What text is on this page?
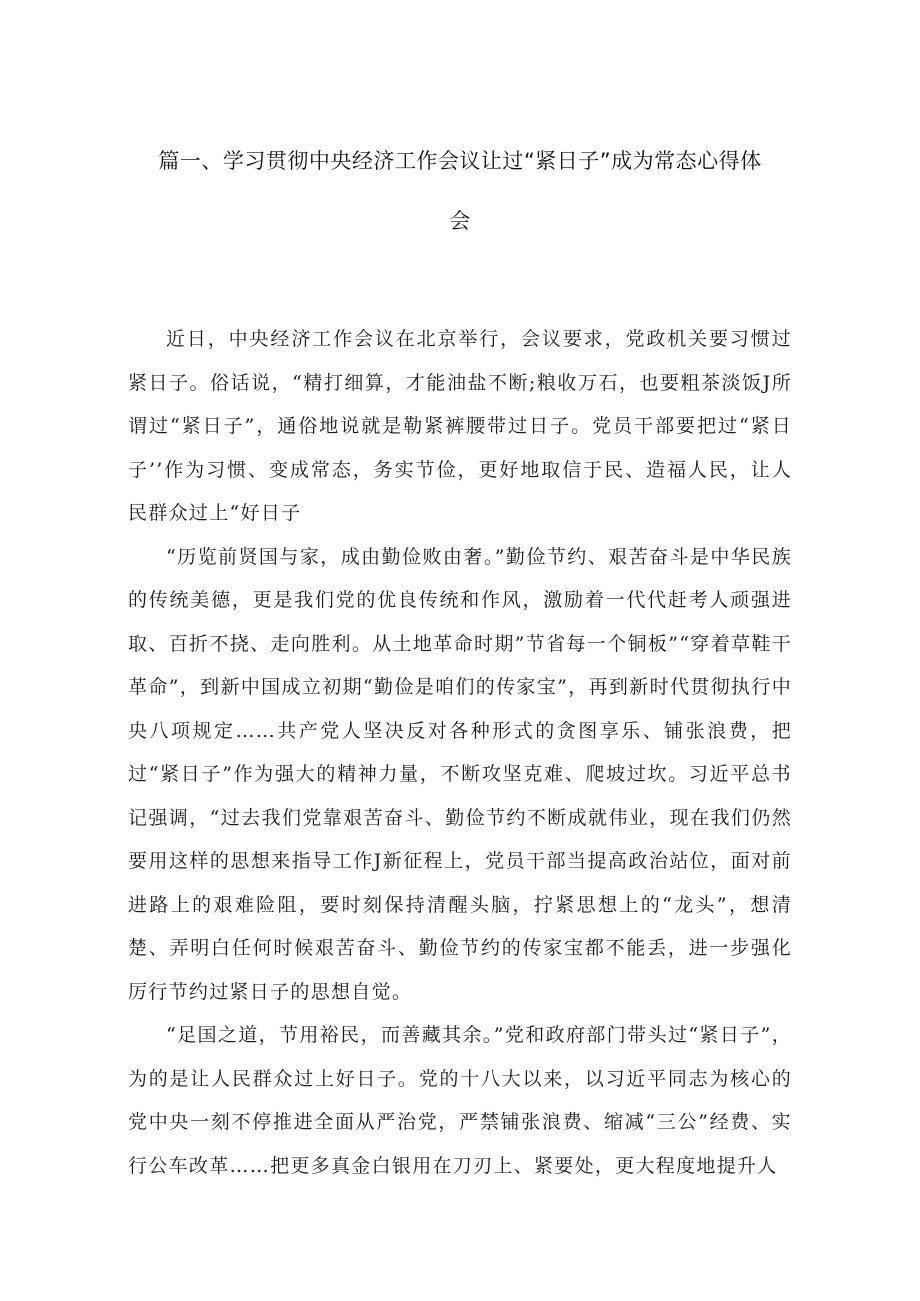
篇一、学习贯彻中央经济工作会议让过“紧日子”成为常态心得体
会

近日，中央经济工作会议在北京举行，会议要求，党政机关要习惯过紧日子。俗话说，“精打细算，才能油盐不断;粮收万石，也要粗茶淡饭J所谓过“紧日子”，通俗地说就是勒紧裤腰带过日子。党员干部要把过“紧日子’’作为习惯、变成常态，务实节俭，更好地取信于民、造福人民，让人民群众过上“好日子

“历览前贤国与家，成由勤俭败由奢。”勤俭节约、艰苦奋斗是中华民族的传统美德，更是我们党的优良传统和作风，激励着一代代赶考人顽强进取、百折不挠、走向胜利。从土地革命时期”节省每一个铜板”“穿着草鞋干革命”，到新中国成立初期“勤俭是咱们的传家宝”，再到新时代贯彻执行中央八项规定……共产党人坚决反对各种形式的贪图享乐、铺张浪费，把过“紧日子”作为强大的精神力量，不断攻坚克难、爬坡过坎。习近平总书记强调，“过去我们党靠艰苦奋斗、勤俭节约不断成就伟业，现在我们仍然要用这样的思想来指导工作J新征程上，党员干部当提高政治站位，面对前进路上的艰难险阻，要时刻保持清醒头脑，拧紧思想上的“龙头”，想清楚、弄明白任何时候艰苦奋斗、勤俭节约的传家宝都不能丢，进一步强化厉行节约过紧日子的思想自觉。

“足国之道，节用裕民，而善藏其余。”党和政府部门带头过“紧日子”，为的是让人民群众过上好日子。党的十八大以来，以习近平同志为核心的党中央一刻不停推进全面从严治党，严禁铺张浪费、缩减“三公”经费、实行公车改革……把更多真金白银用在刀刃上、紧要处，更大程度地提升人
